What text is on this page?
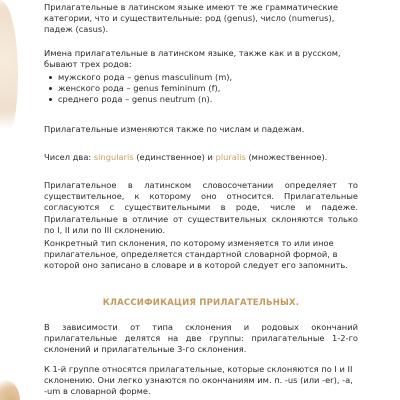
Прилагательные в латинском языке имеют те же грамматические категории, что и существительные: род (genus), число (numerus), падеж (casus).

Имена прилагательные в латинском языке, также как и в русском, бывают трех родов:

мужского рода – genus masculinum (m),
женского рода – genus femininum (f),
среднего рода – genus neutrum (n).

Прилагательные изменяются также по числам и падежам.

Чисел два: singularis (единственное) и pluralis (множественное).

Прилагательное в латинском словосочетании определяет то существительное, к которому оно относится. Прилагательные согласуются с существительными в роде, числе и падеже. Прилагательные в отличие от существительных склоняются только по I, II или по III склонению.

Конкретный тип склонения, по которому изменяется то или иное прилагательное, определяется стандартной словарной формой, в которой оно записано в словаре и в которой следует его запомнить.

КЛАССИФИКАЦИЯ ПРИЛАГАТЕЛЬНЫХ.

В зависимости от типа склонения и родовых окончаний прилагательные делятся на две группы: прилагательные 1-2-го склонений и прилагательные 3-го склонения.

К 1-й группе относятся прилагательные, которые склоняются по I и II склонению. Они легко узнаются по окончаниям им. п. -us (или -er), -a, -um в словарной форме.
